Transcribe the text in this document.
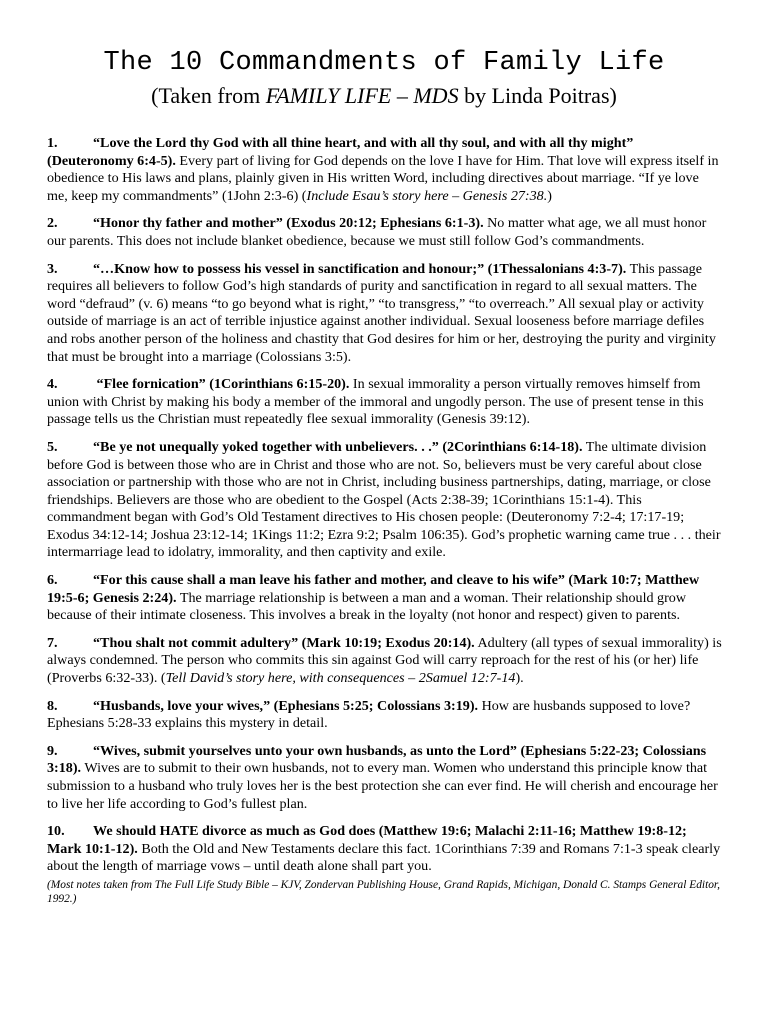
The 10 Commandments of Family Life
(Taken from FAMILY LIFE – MDS by Linda Poitras)
1.	“Love the Lord thy God with all thine heart, and with all thy soul, and with all thy might” (Deuteronomy 6:4-5). Every part of living for God depends on the love I have for Him. That love will express itself in obedience to His laws and plans, plainly given in His written Word, including directives about marriage. “If ye love me, keep my commandments” (1John 2:3-6) (Include Esau’s story here – Genesis 27:38.)
2.	“Honor thy father and mother” (Exodus 20:12; Ephesians 6:1-3). No matter what age, we all must honor our parents. This does not include blanket obedience, because we must still follow God’s commandments.
3.	“…Know how to possess his vessel in sanctification and honour;” (1Thessalonians 4:3-7). This passage requires all believers to follow God’s high standards of purity and sanctification in regard to all sexual matters. The word “defraud” (v. 6) means “to go beyond what is right,” “to transgress,” “to overreach.” All sexual play or activity outside of marriage is an act of terrible injustice against another individual. Sexual looseness before marriage defiles and robs another person of the holiness and chastity that God desires for him or her, destroying the purity and virginity that must be brought into a marriage (Colossians 3:5).
4.	“Flee fornication” (1Corinthians 6:15-20). In sexual immorality a person virtually removes himself from union with Christ by making his body a member of the immoral and ungodly person. The use of present tense in this passage tells us the Christian must repeatedly flee sexual immorality (Genesis 39:12).
5.	“Be ye not unequally yoked together with unbelievers. . .” (2Corinthians 6:14-18). The ultimate division before God is between those who are in Christ and those who are not. So, believers must be very careful about close association or partnership with those who are not in Christ, including business partnerships, dating, marriage, or close friendships. Believers are those who are obedient to the Gospel (Acts 2:38-39; 1Corinthians 15:1-4). This commandment began with God’s Old Testament directives to His chosen people: (Deuteronomy 7:2-4; 17:17-19; Exodus 34:12-14; Joshua 23:12-14; 1Kings 11:2; Ezra 9:2; Psalm 106:35). God’s prophetic warning came true . . . their intermarriage lead to idolatry, immorality, and then captivity and exile.
6.	“For this cause shall a man leave his father and mother, and cleave to his wife” (Mark 10:7; Matthew 19:5-6; Genesis 2:24). The marriage relationship is between a man and a woman. Their relationship should grow because of their intimate closeness. This involves a break in the loyalty (not honor and respect) given to parents.
7.	“Thou shalt not commit adultery” (Mark 10:19; Exodus 20:14). Adultery (all types of sexual immorality) is always condemned. The person who commits this sin against God will carry reproach for the rest of his (or her) life (Proverbs 6:32-33). (Tell David’s story here, with consequences – 2Samuel 12:7-14).
8.	“Husbands, love your wives,” (Ephesians 5:25; Colossians 3:19). How are husbands supposed to love? Ephesians 5:28-33 explains this mystery in detail.
9.	“Wives, submit yourselves unto your own husbands, as unto the Lord” (Ephesians 5:22-23; Colossians 3:18). Wives are to submit to their own husbands, not to every man. Women who understand this principle know that submission to a husband who truly loves her is the best protection she can ever find. He will cherish and encourage her to live her life according to God’s fullest plan.
10. We should HATE divorce as much as God does (Matthew 19:6; Malachi 2:11-16; Matthew 19:8-12; Mark 10:1-12). Both the Old and New Testaments declare this fact. 1Corinthians 7:39 and Romans 7:1-3 speak clearly about the length of marriage vows – until death alone shall part you.
(Most notes taken from The Full Life Study Bible – KJV, Zondervan Publishing House, Grand Rapids, Michigan, Donald C. Stamps General Editor, 1992.)
